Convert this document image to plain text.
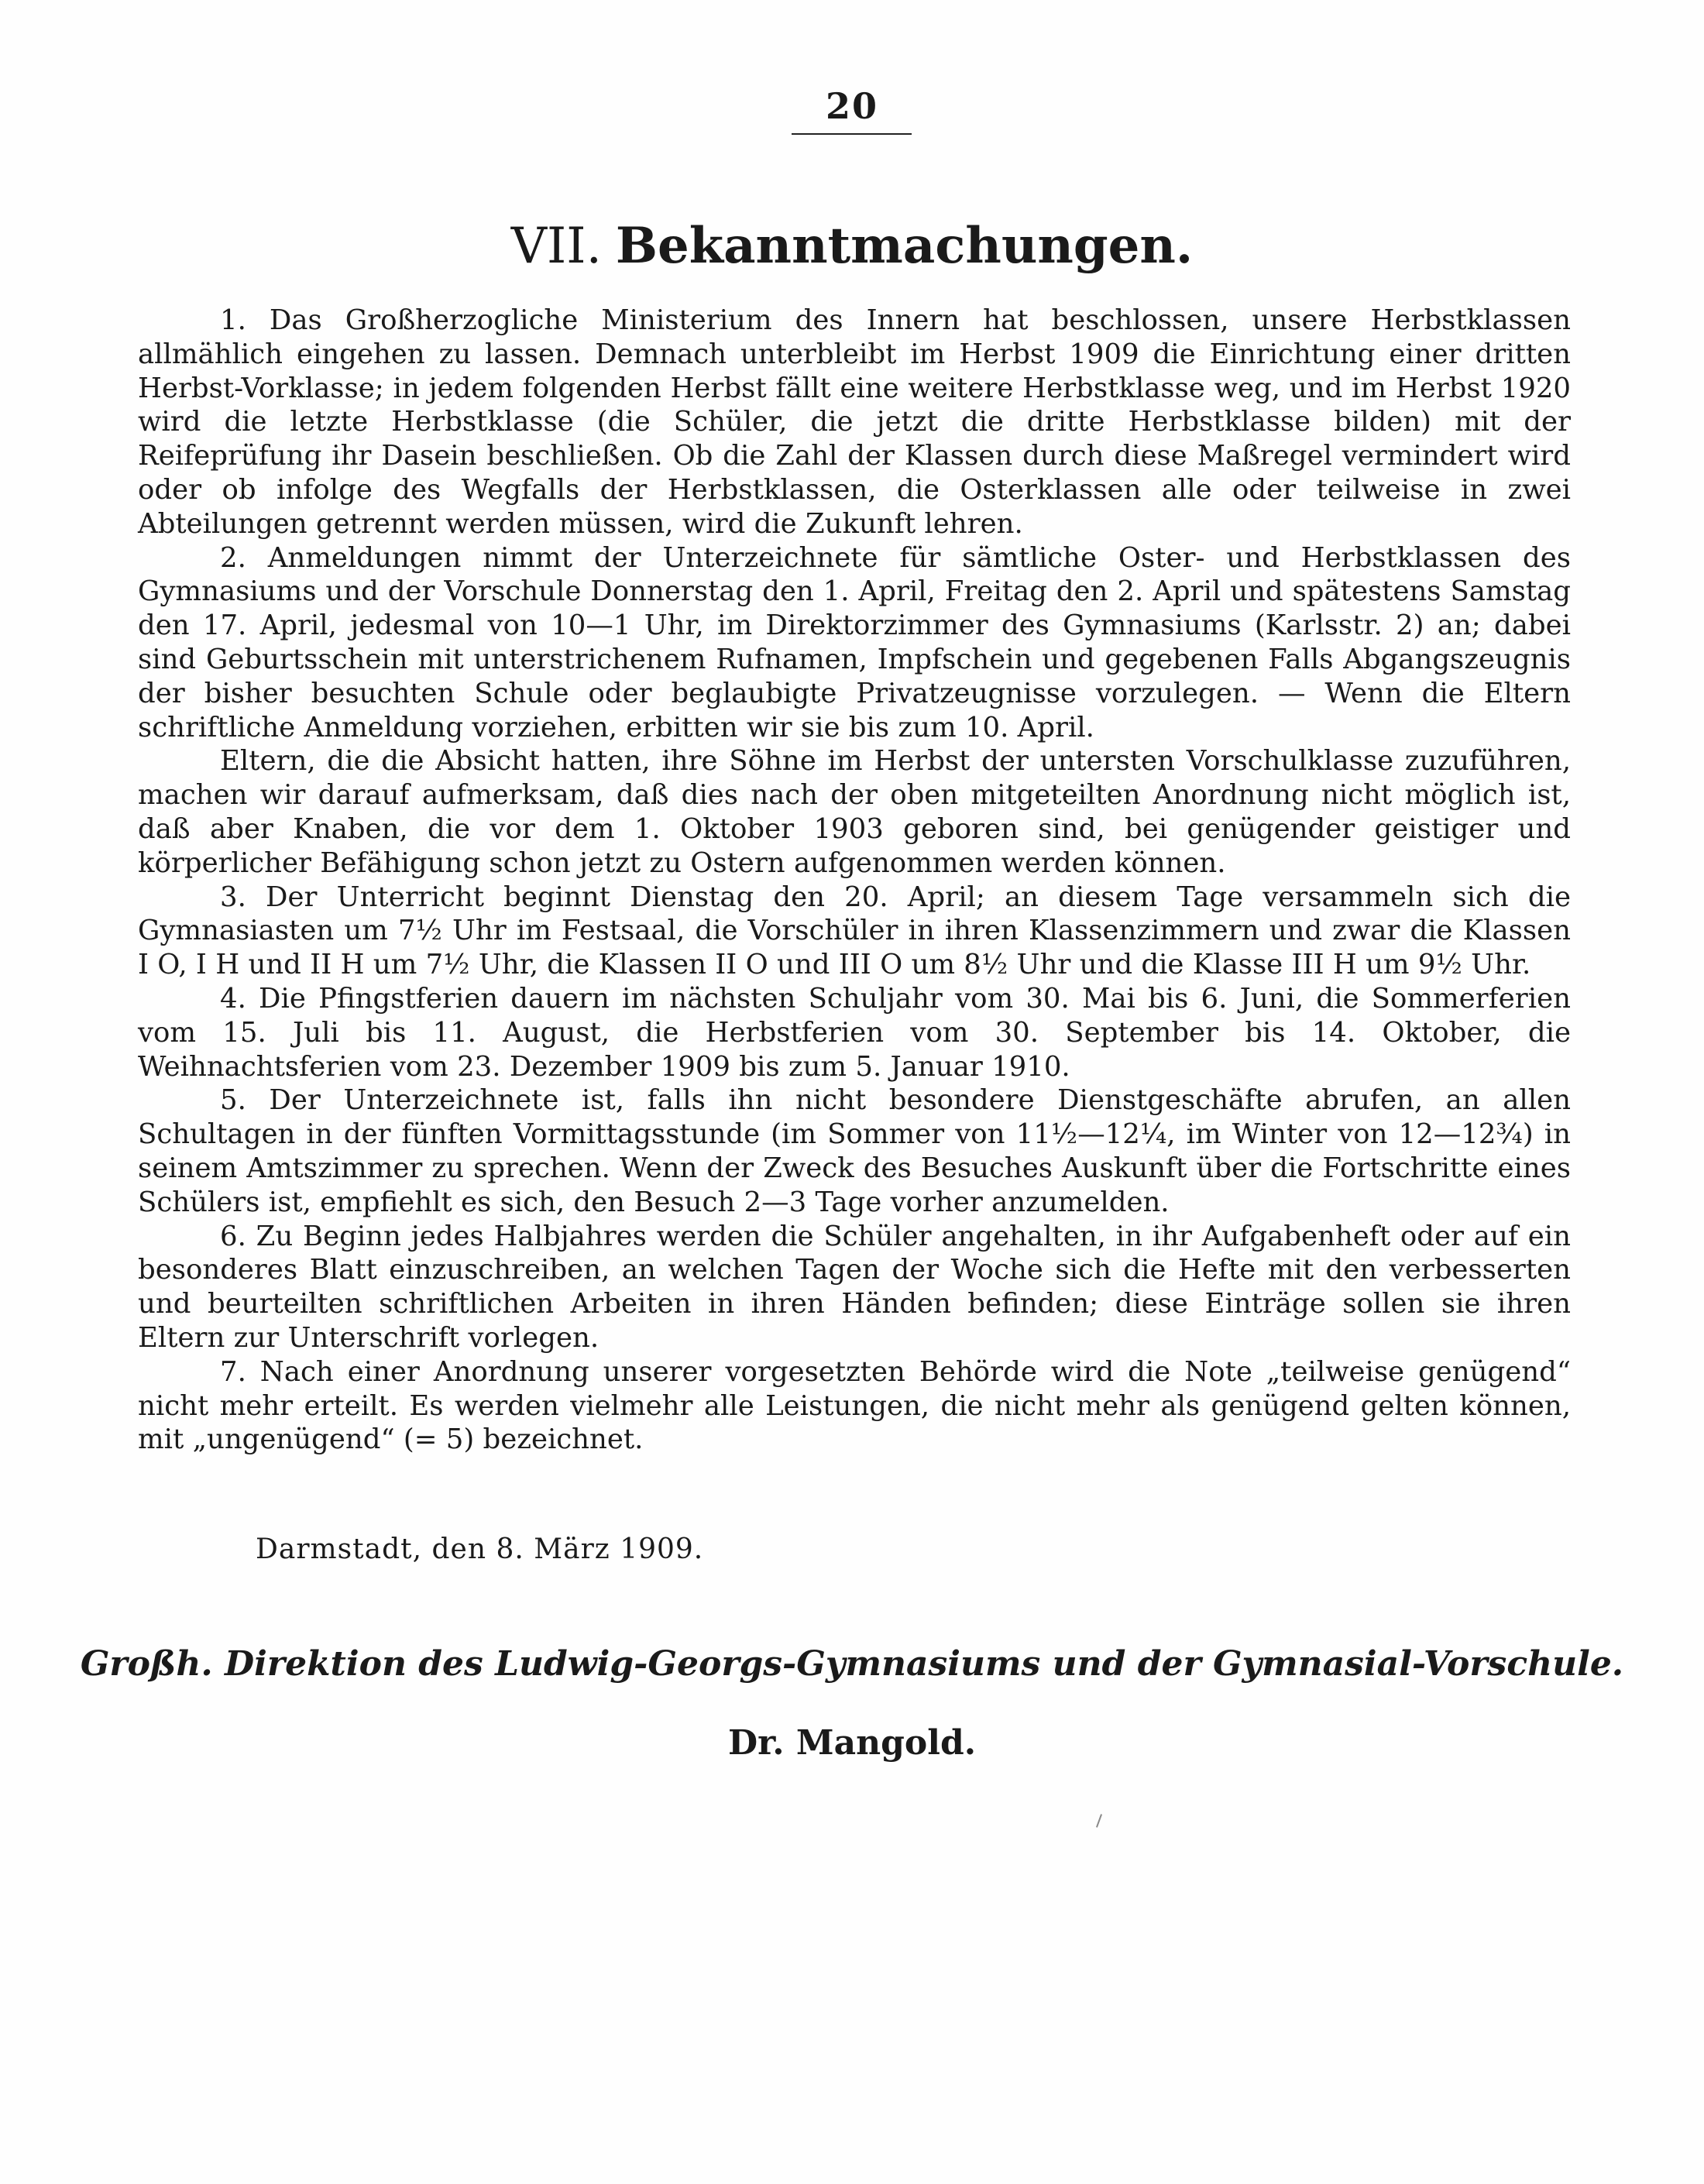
20
VII. Bekanntmachungen.

1. Das Großherzogliche Ministerium des Innern hat beschlossen, unsere Herbstklassen allmählich eingehen zu lassen. Demnach unterbleibt im Herbst 1909 die Einrichtung einer dritten Herbst-Vorklasse; in jedem folgenden Herbst fällt eine weitere Herbstklasse weg, und im Herbst 1920 wird die letzte Herbstklasse (die Schüler, die jetzt die dritte Herbstklasse bilden) mit der Reifeprüfung ihr Dasein beschließen. Ob die Zahl der Klassen durch diese Maßregel vermindert wird oder ob infolge des Wegfalls der Herbstklassen, die Osterklassen alle oder teilweise in zwei Abteilungen getrennt werden müssen, wird die Zukunft lehren.

2. Anmeldungen nimmt der Unterzeichnete für sämtliche Oster- und Herbstklassen des Gymnasiums und der Vorschule Donnerstag den 1. April, Freitag den 2. April und spätestens Samstag den 17. April, jedesmal von 10—1 Uhr, im Direktorzimmer des Gymnasiums (Karlsstr. 2) an; dabei sind Geburtsschein mit unterstrichenem Rufnamen, Impfschein und gegebenen Falls Abgangszeugnis der bisher besuchten Schule oder beglaubigte Privatzeugnisse vorzulegen. — Wenn die Eltern schriftliche Anmeldung vorziehen, erbitten wir sie bis zum 10. April.

Eltern, die die Absicht hatten, ihre Söhne im Herbst der untersten Vorschulklasse zuzuführen, machen wir darauf aufmerksam, daß dies nach der oben mitgeteilten Anordnung nicht möglich ist, daß aber Knaben, die vor dem 1. Oktober 1903 geboren sind, bei genügender geistiger und körperlicher Befähigung schon jetzt zu Ostern aufgenommen werden können.

3. Der Unterricht beginnt Dienstag den 20. April; an diesem Tage versammeln sich die Gymnasiasten um 7½ Uhr im Festsaal, die Vorschüler in ihren Klassenzimmern und zwar die Klassen I O, I H und II H um 7½ Uhr, die Klassen II O und III O um 8½ Uhr und die Klasse III H um 9½ Uhr.

4. Die Pfingstferien dauern im nächsten Schuljahr vom 30. Mai bis 6. Juni, die Sommerferien vom 15. Juli bis 11. August, die Herbstferien vom 30. September bis 14. Oktober, die Weihnachtsferien vom 23. Dezember 1909 bis zum 5. Januar 1910.

5. Der Unterzeichnete ist, falls ihn nicht besondere Dienstgeschäfte abrufen, an allen Schultagen in der fünften Vormittagsstunde (im Sommer von 11½—12¼, im Winter von 12—12¾) in seinem Amtszimmer zu sprechen. Wenn der Zweck des Besuches Auskunft über die Fortschritte eines Schülers ist, empfiehlt es sich, den Besuch 2—3 Tage vorher anzumelden.

6. Zu Beginn jedes Halbjahres werden die Schüler angehalten, in ihr Aufgabenheft oder auf ein besonderes Blatt einzuschreiben, an welchen Tagen der Woche sich die Hefte mit den verbesserten und beurteilten schriftlichen Arbeiten in ihren Händen befinden; diese Einträge sollen sie ihren Eltern zur Unterschrift vorlegen.

7. Nach einer Anordnung unserer vorgesetzten Behörde wird die Note „teilweise genügend“ nicht mehr erteilt. Es werden vielmehr alle Leistungen, die nicht mehr als genügend gelten können, mit „ungenügend“ (= 5) bezeichnet.

Darmstadt, den 8. März 1909.
Großh. Direktion des Ludwig-Georgs-Gymnasiums und der Gymnasial-Vorschule.
Dr. Mangold.
